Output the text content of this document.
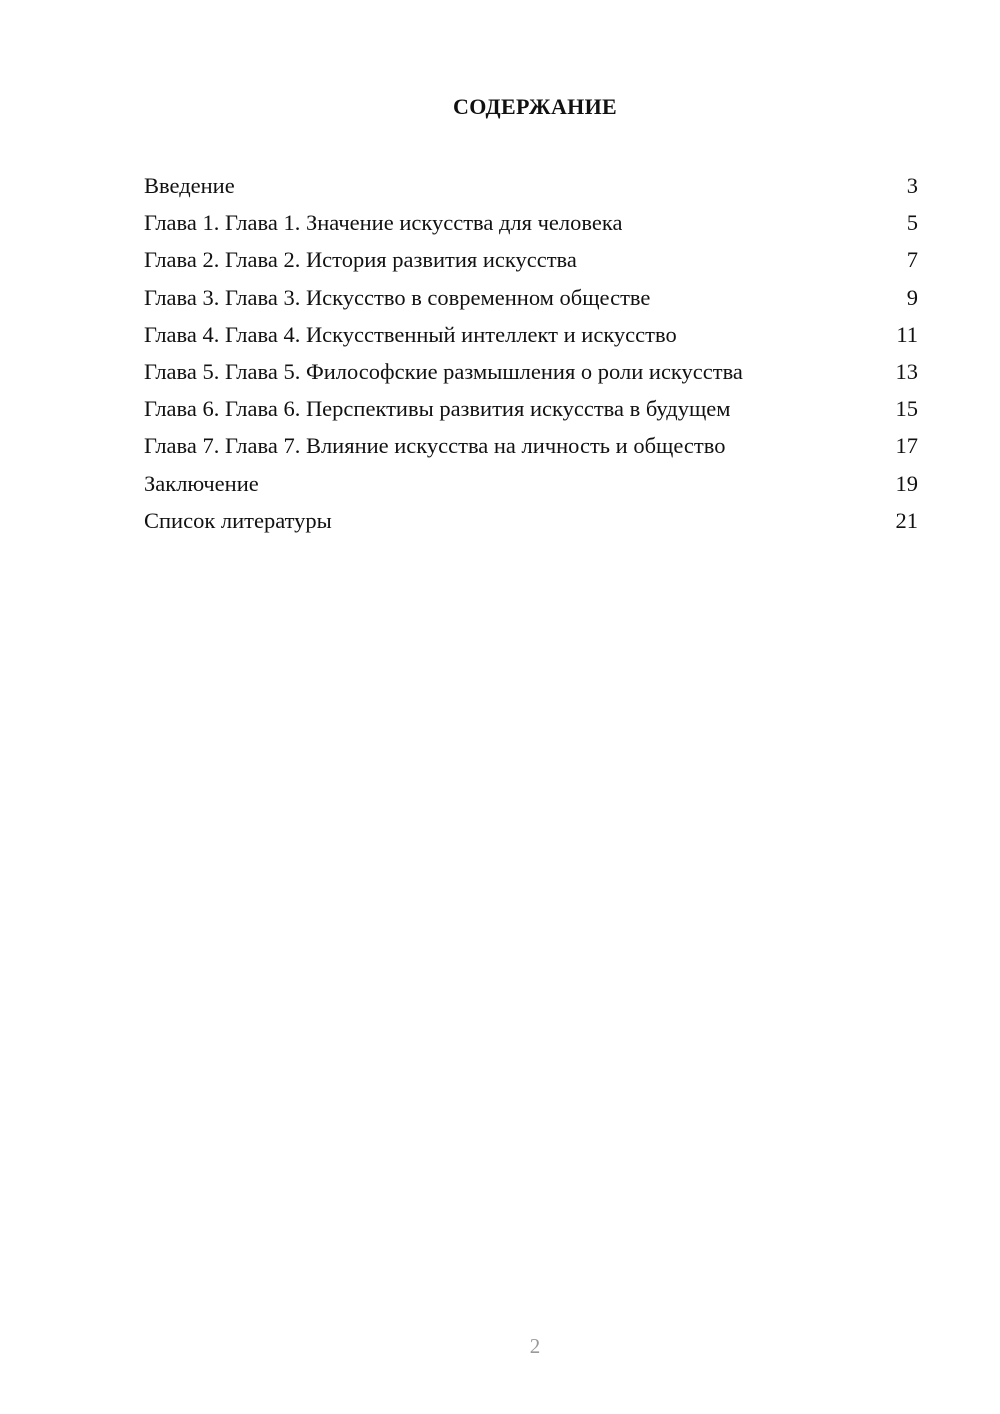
СОДЕРЖАНИЕ
Введение	3
Глава 1. Глава 1. Значение искусства для человека	5
Глава 2. Глава 2. История развития искусства	7
Глава 3. Глава 3. Искусство в современном обществе	9
Глава 4. Глава 4. Искусственный интеллект и искусство	11
Глава 5. Глава 5. Философские размышления о роли искусства	13
Глава 6. Глава 6. Перспективы развития искусства в будущем	15
Глава 7. Глава 7. Влияние искусства на личность и общество	17
Заключение	19
Список литературы	21
2
